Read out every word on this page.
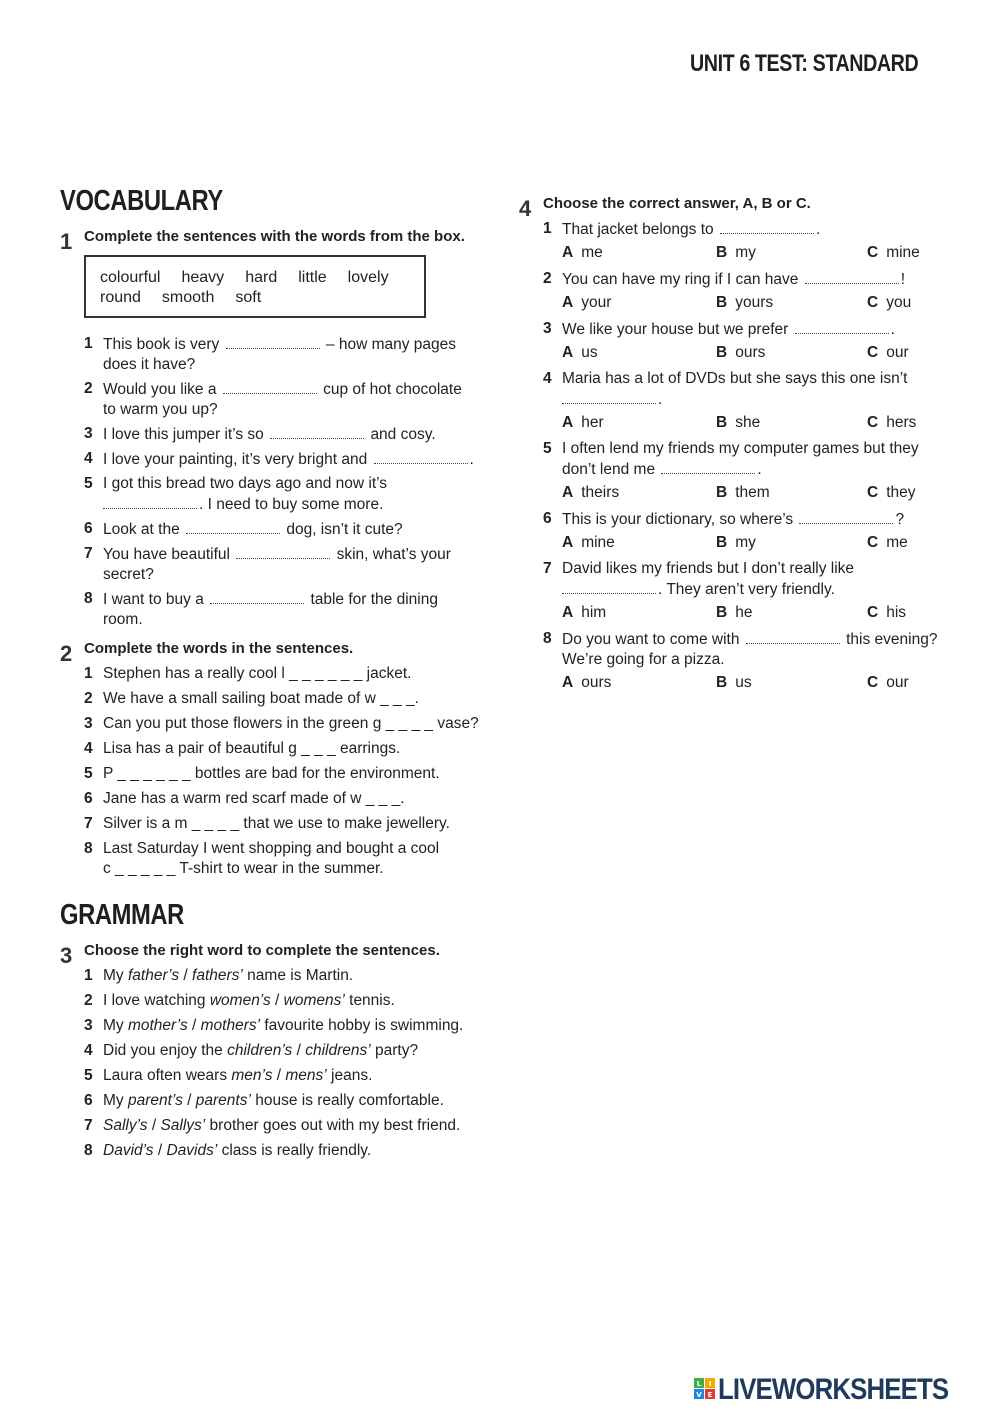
UNIT 6 TEST: STANDARD
VOCABULARY
1 Complete the sentences with the words from the box.
colourful heavy hard little lovely
round smooth soft
1 This book is very	– how many pages
does it have?
2 Would you like a	cup of hot chocolate
to warm you up?
3 I love this jumper it’s so	and cosy.
4 I love your painting, it’s very bright and	.
5 I got this bread two days ago and now it’s
. I need to buy some more.
6 Look at the	dog, isn’t it cute?
7 You have beautiful	skin, what’s your
secret?
8 I want to buy a	table for the dining
room.
2 Complete the words in the sentences.
1 Stephen has a really cool l _ _ _ _ _ _ jacket.
2 We have a small sailing boat made of w _ _ _.
3 Can you put those flowers in the green g _ _ _ _ vase?
4 Lisa has a pair of beautiful g _ _ _ earrings.
5 P _ _ _ _ _ _ bottles are bad for the environment.
6 Jane has a warm red scarf made of w _ _ _.
7 Silver is a m _ _ _ _ that we use to make jewellery.
8 Last Saturday I went shopping and bought a cool
c _ _ _ _ _ T-shirt to wear in the summer.
GRAMMAR
3 Choose the right word to complete the sentences.
1 My father’s / fathers’ name is Martin.
2 I love watching women’s / womens’ tennis.
3 My mother’s / mothers’ favourite hobby is swimming.
4 Did you enjoy the children’s / childrens’ party?
5 Laura often wears men’s / mens’ jeans.
6 My parent’s / parents’ house is really comfortable.
7 Sally’s / Sallys’ brother goes out with my best friend.
8 David’s / Davids’ class is really friendly.
4 Choose the correct answer, A, B or C.
1 That jacket belongs to	.
A me	B my	C mine
2 You can have my ring if I can have	!
A your	B yours	C you
3 We like your house but we prefer	.
A us	B ours	C our
4 Maria has a lot of DVDs but she says this one isn’t
.
A her	B she	C hers
5 I often lend my friends my computer games but they
don’t lend me	.
A theirs	B them	C they
6 This is your dictionary, so where’s	?
A mine	B my	C me
7 David likes my friends but I don’t really like
. They aren’t very friendly.
A him	B he	C his
8 Do you want to come with	this evening?
We’re going for a pizza.
A ours	B us	C our
L I
V E LIVEWORKSHEETS
